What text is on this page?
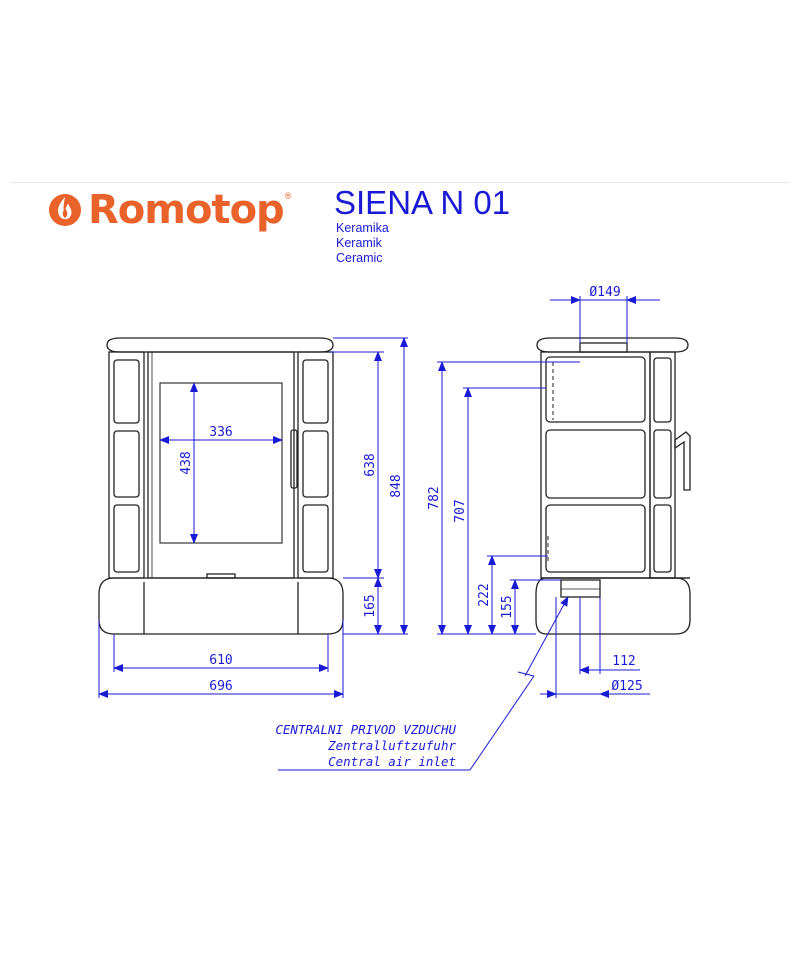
Romotop ® SIENA N 01
Keramika
Keramik
Ceramic
336
438	638
848
165
610
696
Ø149
782
707
222
155
112
Ø125
CENTRALNI PRIVOD VZDUCHU
Zentralluftzufuhr
Central air inlet
